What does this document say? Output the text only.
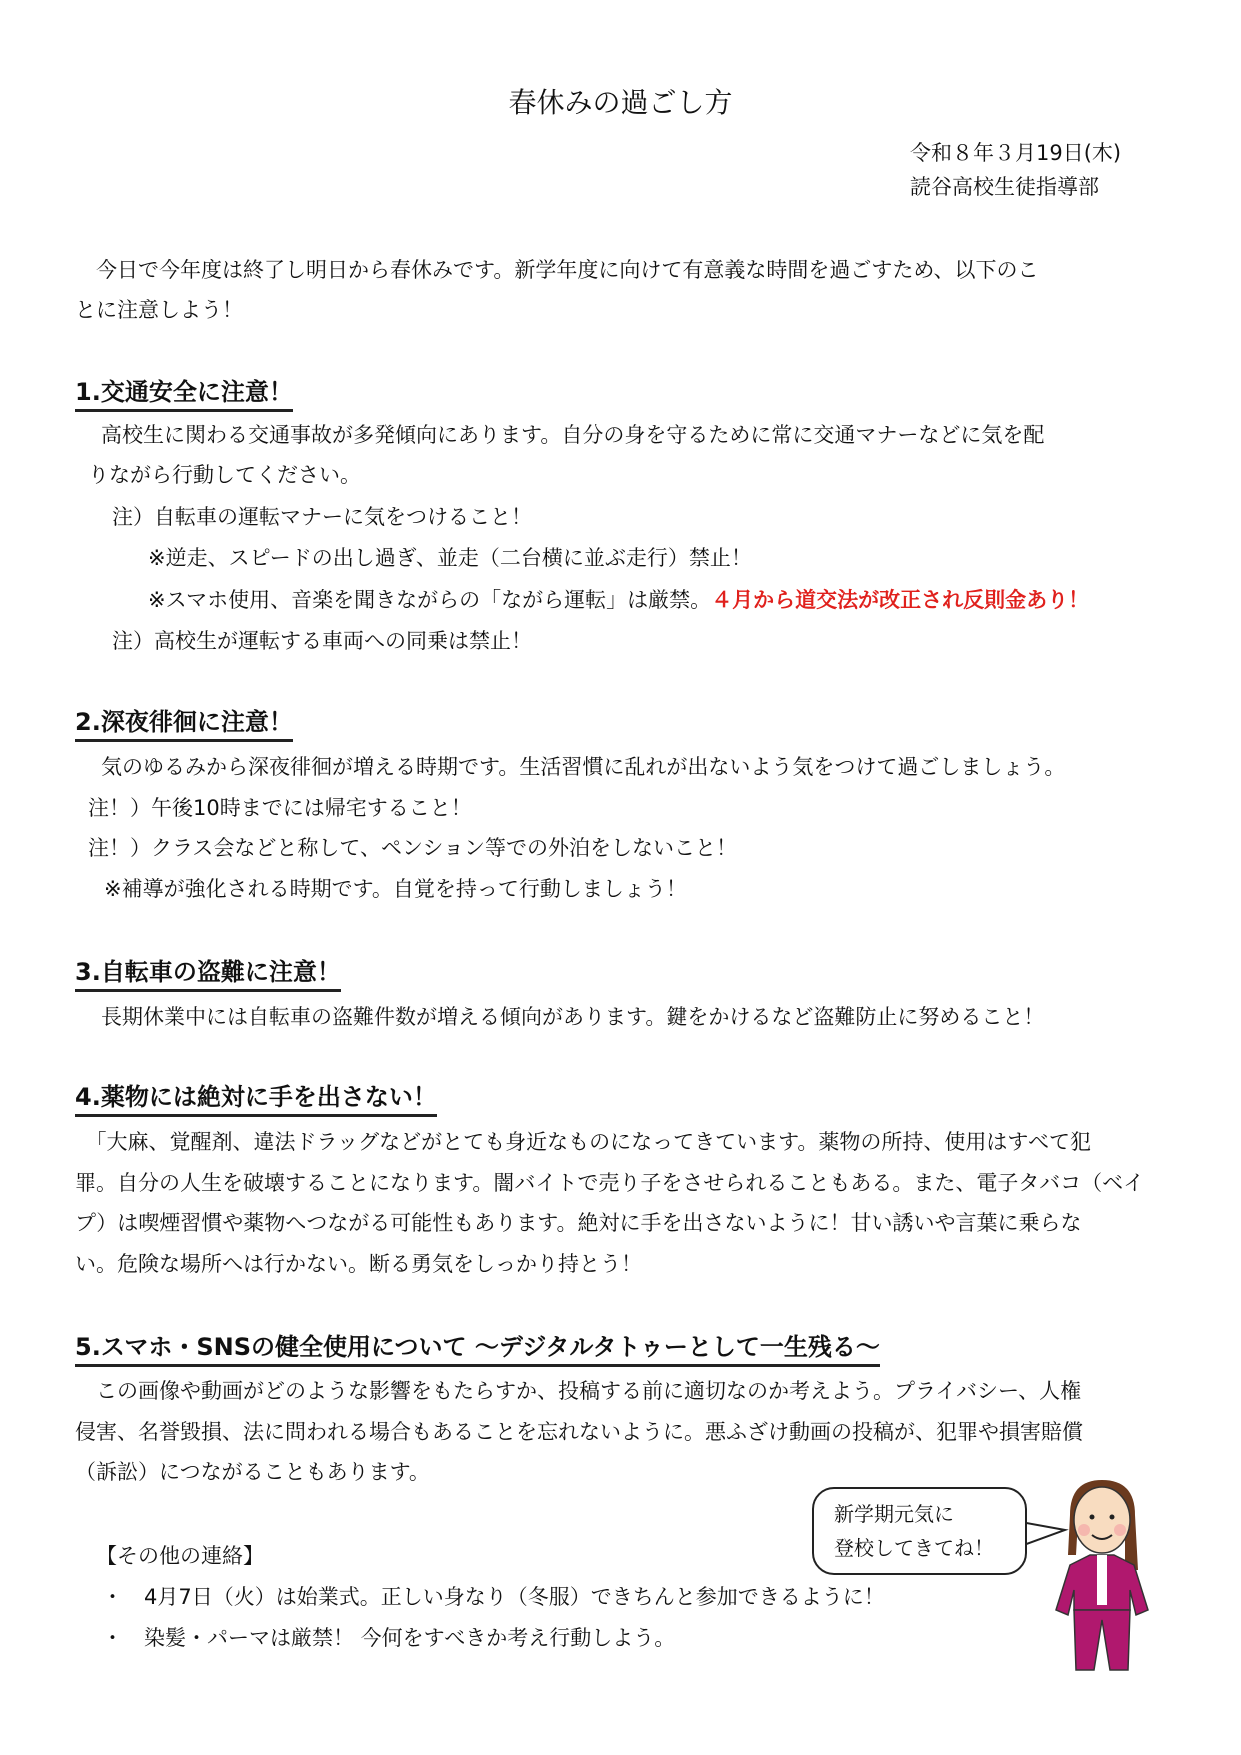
春休みの過ごし方
令和８年３月19日(木)
読谷高校生徒指導部
　今日で今年度は終了し明日から春休みです。新学年度に向けて有意義な時間を過ごすため、以下のこ
とに注意しよう！
1.交通安全に注意！
　高校生に関わる交通事故が多発傾向にあります。自分の身を守るために常に交通マナーなどに気を配
りながら行動してください。
注）自転車の運転マナーに気をつけること！
※逆走、スピードの出し過ぎ、並走（二台横に並ぶ走行）禁止！
※スマホ使用、音楽を聞きながらの「ながら運転」は厳禁。４月から道交法が改正され反則金あり！
注）高校生が運転する車両への同乗は禁止！
2.深夜徘徊に注意！
　気のゆるみから深夜徘徊が増える時期です。生活習慣に乱れが出ないよう気をつけて過ごしましょう。
注！）午後10時までには帰宅すること！
注！）クラス会などと称して、ペンション等での外泊をしないこと！
※補導が強化される時期です。自覚を持って行動しましょう！
3.自転車の盗難に注意！
　長期休業中には自転車の盗難件数が増える傾向があります。鍵をかけるなど盗難防止に努めること！
4.薬物には絶対に手を出さない！
　「大麻、覚醒剤、違法ドラッグなどがとても身近なものになってきています。薬物の所持、使用はすべて犯
罪。自分の人生を破壊することになります。闇バイトで売り子をさせられることもある。また、電子タバコ（ベイ
プ）は喫煙習慣や薬物へつながる可能性もあります。絶対に手を出さないように！甘い誘いや言葉に乗らな
い。危険な場所へは行かない。断る勇気をしっかり持とう！
5.スマホ・SNSの健全使用について ～デジタルタトゥーとして一生残る～
　この画像や動画がどのような影響をもたらすか、投稿する前に適切なのか考えよう。プライバシー、人権
侵害、名誉毀損、法に問われる場合もあることを忘れないように。悪ふざけ動画の投稿が、犯罪や損害賠償
（訴訟）につながることもあります。
【その他の連絡】
・　4月7日（火）は始業式。正しい身なり（冬服）できちんと参加できるように！
・　染髪・パーマは厳禁！ 今何をすべきか考え行動しよう。
新学期元気に
登校してきてね！
